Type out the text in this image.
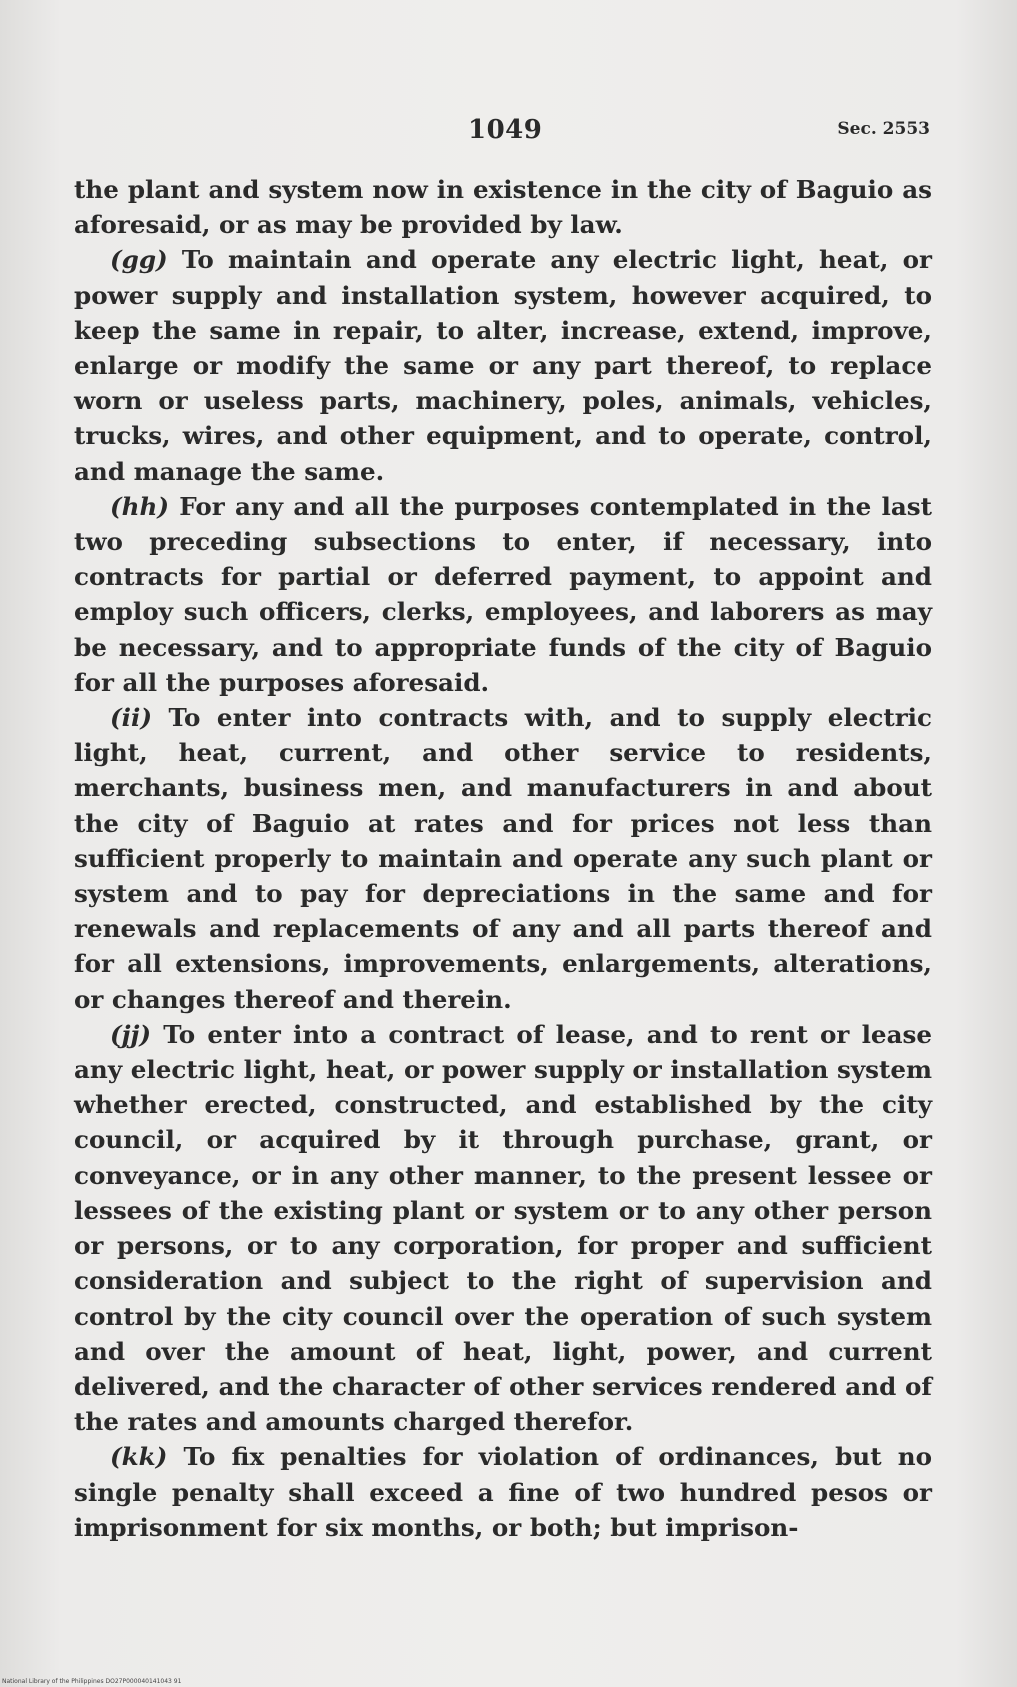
1049	Sec. 2553

the plant and system now in existence in the city of Baguio as aforesaid, or as may be provided by law.

(gg) To maintain and operate any electric light, heat, or power supply and installation system, however acquired, to keep the same in repair, to alter, increase, extend, improve, enlarge or modify the same or any part thereof, to replace worn or useless parts, machinery, poles, animals, vehicles, trucks, wires, and other equipment, and to operate, control, and manage the same.

(hh) For any and all the purposes contemplated in the last two preceding subsections to enter, if necessary, into contracts for partial or deferred payment, to appoint and employ such officers, clerks, employees, and laborers as may be necessary, and to appropriate funds of the city of Baguio for all the purposes aforesaid.

(ii) To enter into contracts with, and to supply electric light, heat, current, and other service to residents, merchants, business men, and manufacturers in and about the city of Baguio at rates and for prices not less than sufficient properly to maintain and operate any such plant or system and to pay for depreciations in the same and for renewals and replacements of any and all parts thereof and for all extensions, improvements, enlargements, alterations, or changes thereof and therein.

(jj) To enter into a contract of lease, and to rent or lease any electric light, heat, or power supply or installation system whether erected, constructed, and established by the city council, or acquired by it through purchase, grant, or conveyance, or in any other manner, to the present lessee or lessees of the existing plant or system or to any other person or persons, or to any corporation, for proper and sufficient consideration and subject to the right of supervision and control by the city council over the operation of such system and over the amount of heat, light, power, and current delivered, and the character of other services rendered and of the rates and amounts charged therefor.

(kk) To fix penalties for violation of ordinances, but no single penalty shall exceed a fine of two hundred pesos or imprisonment for six months, or both; but imprison-

National Library of the Philippines DO27P000040141043 91
